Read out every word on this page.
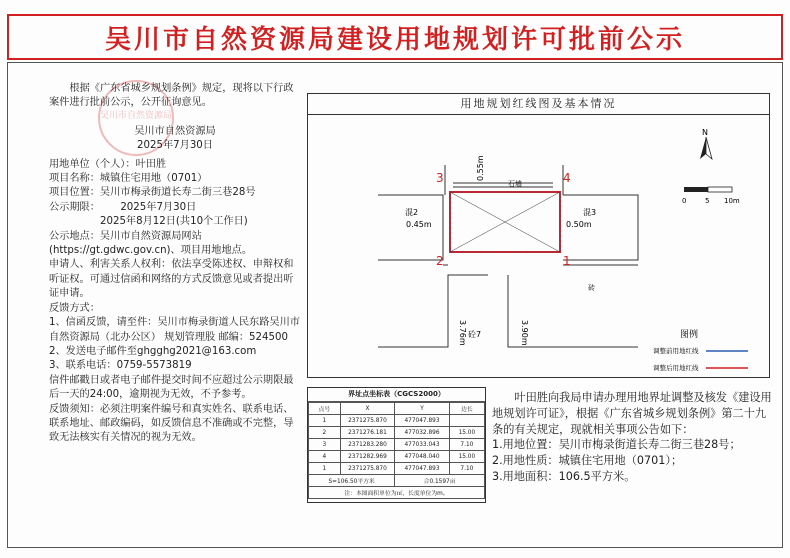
吴川市自然资源局建设用地规划许可批前公示
吴川市自然资源局

根据《广东省城乡规划条例》规定，现将以下行政案件进行批前公示，公开征询意见。

吴川市自然资源局

2025年7月30日

用地单位（个人）：叶田胜

项目名称：城镇住宅用地（0701）

项目位置：吴川市梅录街道长寿二街三巷28号

公示期限： 2025年7月30日

2025年8月12日(共10个工作日)

公示地点：吴川市自然资源局网站(https://gt.gdwc.gov.cn)、项目用地地点。

申请人、利害关系人权利：依法享受陈述权、申辩权和听证权。可通过信函和网络的方式反馈意见或者提出听证申请。

反馈方式：

1、信函反馈，请至件：吴川市梅录街道人民东路吴川市自然资源局（北办公区） 规划管理股 邮编：524500

2、发送电子邮件至ghgghg2021@163.com

3、联系电话：0759-5573819

信件邮戳日或者电子邮件提交时间不应超过公示期限最后一天的24:00，逾期视为无效，不予参考。

反馈须知：必须注明案件编号和真实姓名、联系电话、联系地址、邮政编码，如反馈信息不准确或不完整，导致无法核实有关情况的视为无效。

用地规划红线图及基本情况
N
0	5 10m
3	4
2	1
0.55m
石墙
0.45m	0.50m
混2	混3
3.76m	3.90m
砼7
砖
图例
调整前用地红线
调整后用地红线
界址点坐标表（CGCS2000）
点号	X	Y	边长
1	2371275.870	477047.893	
2	2371276.181	477032.896	15.00
3	2371283.280	477033.043	7.10
4	2371282.969	477048.040	15.00
1	2371275.870	477047.893	7.10
S=106.50平方米		合0.1597亩	
注：本图面积单位为㎡，长度单位为m。			

叶田胜向我局申请办理用地界址调整及核发《建设用地规划许可证》，根据《广东省城乡规划条例》第二十九条的有关规定，现就相关事项公告如下：

1.用地位置：吴川市梅录街道长寿二街三巷28号；

2.用地性质：城镇住宅用地（0701）；

3.用地面积：106.5平方米。
